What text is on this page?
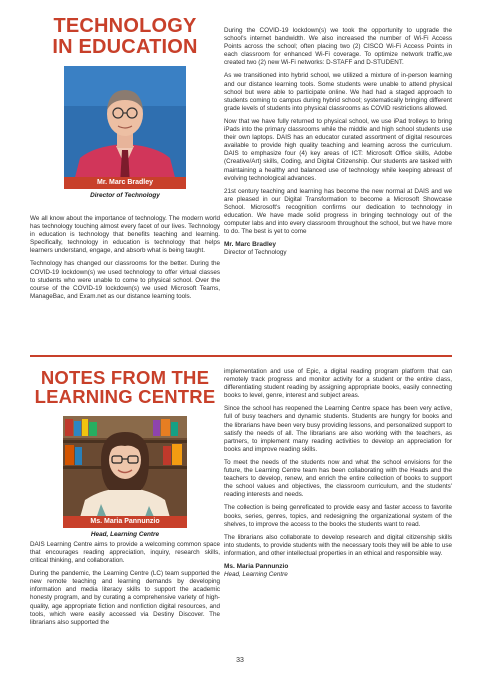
TECHNOLOGY
IN EDUCATION
Mr. Marc Bradley
Director of Technology

We all know about the importance of technology. The modern world has technology touching almost every facet of our lives. Technology in education is technology that benefits teaching and learning. Specifically, technology in education is technology that helps learners understand, engage, and absorb what is being taught.

Technology has changed our classrooms for the better. During the COVID-19 lockdown(s) we used technology to offer virtual classes to students who were unable to come to physical school. Over the course of the COVID-19 lockdown(s) we used Microsoft Teams, ManageBac, and Exam.net as our distance learning tools.

During the COVID-19 lockdown(s) we took the opportunity to upgrade the school's internet bandwidth. We also increased the number of Wi-Fi Access Points across the school; often placing two (2) CISCO Wi-Fi Access Points in each classroom for enhanced Wi-Fi coverage. To optimize network traffic,we created two (2) new Wi-Fi networks: D-STAFF and D-STUDENT.

As we transitioned into hybrid school, we utilized a mixture of in-person learning and our distance learning tools. Some students were unable to attend physical school but were able to participate online. We had had a staged approach to students coming to campus during hybrid school; systematically bringing different grade levels of students into physical classrooms as COVID restrictions allowed.

Now that we have fully returned to physical school, we use iPad trolleys to bring iPads into the primary classrooms while the middle and high school students use their own laptops. DAIS has an educator curated assortment of digital resources available to provide high quality teaching and learning across the curriculum. DAIS to emphasize four (4) key areas of ICT: Microsoft Office skills, Adobe (Creative/Art) skills, Coding, and Digital Citizenship. Our students are tasked with maintaining a healthy and balanced use of technology while keeping abreast of evolving technological advances.

21st century teaching and learning has become the new normal at DAIS and we are pleased in our Digital Transformation to become a Microsoft Showcase School. Microsoft's recognition confirms our dedication to technology in education. We have made solid progress in bringing technology out of the computer labs and into every classroom throughout the school, but we have more to do. The best is yet to come

Mr. Marc Bradley
Director of Technology
NOTES FROM THE
LEARNING CENTRE
Ms. Maria Pannunzio
Head, Learning Centre

DAIS Learning Centre aims to provide a welcoming common space that encourages reading appreciation, inquiry, research skills, critical thinking, and collaboration.

During the pandemic, the Learning Centre (LC) team supported the new remote teaching and learning demands by developing information and media literacy skills to support the academic honesty program, and by curating a comprehensive variety of high-quality, age appropriate fiction and nonfiction digital resources, and tools, which were easily accessed via Destiny Discover. The librarians also supported the

implementation and use of Epic, a digital reading program platform that can remotely track progress and monitor activity for a student or the entire class, differentiating student reading by assigning appropriate books, easily connecting books to level, genre, interest and subject areas.

Since the school has reopened the Learning Centre space has been very active, full of busy teachers and dynamic students. Students are hungry for books and the librarians have been very busy providing lessons, and personalized support to satisfy the needs of all. The librarians are also working with the teachers, as partners, to implement many reading activities to develop an appreciation for books and improve reading skills.

To meet the needs of the students now and what the school envisions for the future, the Learning Centre team has been collaborating with the Heads and the teachers to develop, renew, and enrich the entire collection of books to support the school values and objectives, the classroom curriculum, and the students' reading interests and needs.

The collection is being genreficated to provide easy and faster access to favorite books, series, genres, topics, and redesigning the organizational system of the shelves, to improve the access to the books the students want to read.

The librarians also collaborate to develop research and digital citizenship skills into students, to provide students with the necessary tools they will be able to use information, and other intellectual properties in an ethical and responsible way.

Ms. Maria Pannunzio
Head, Learning Centre
33
